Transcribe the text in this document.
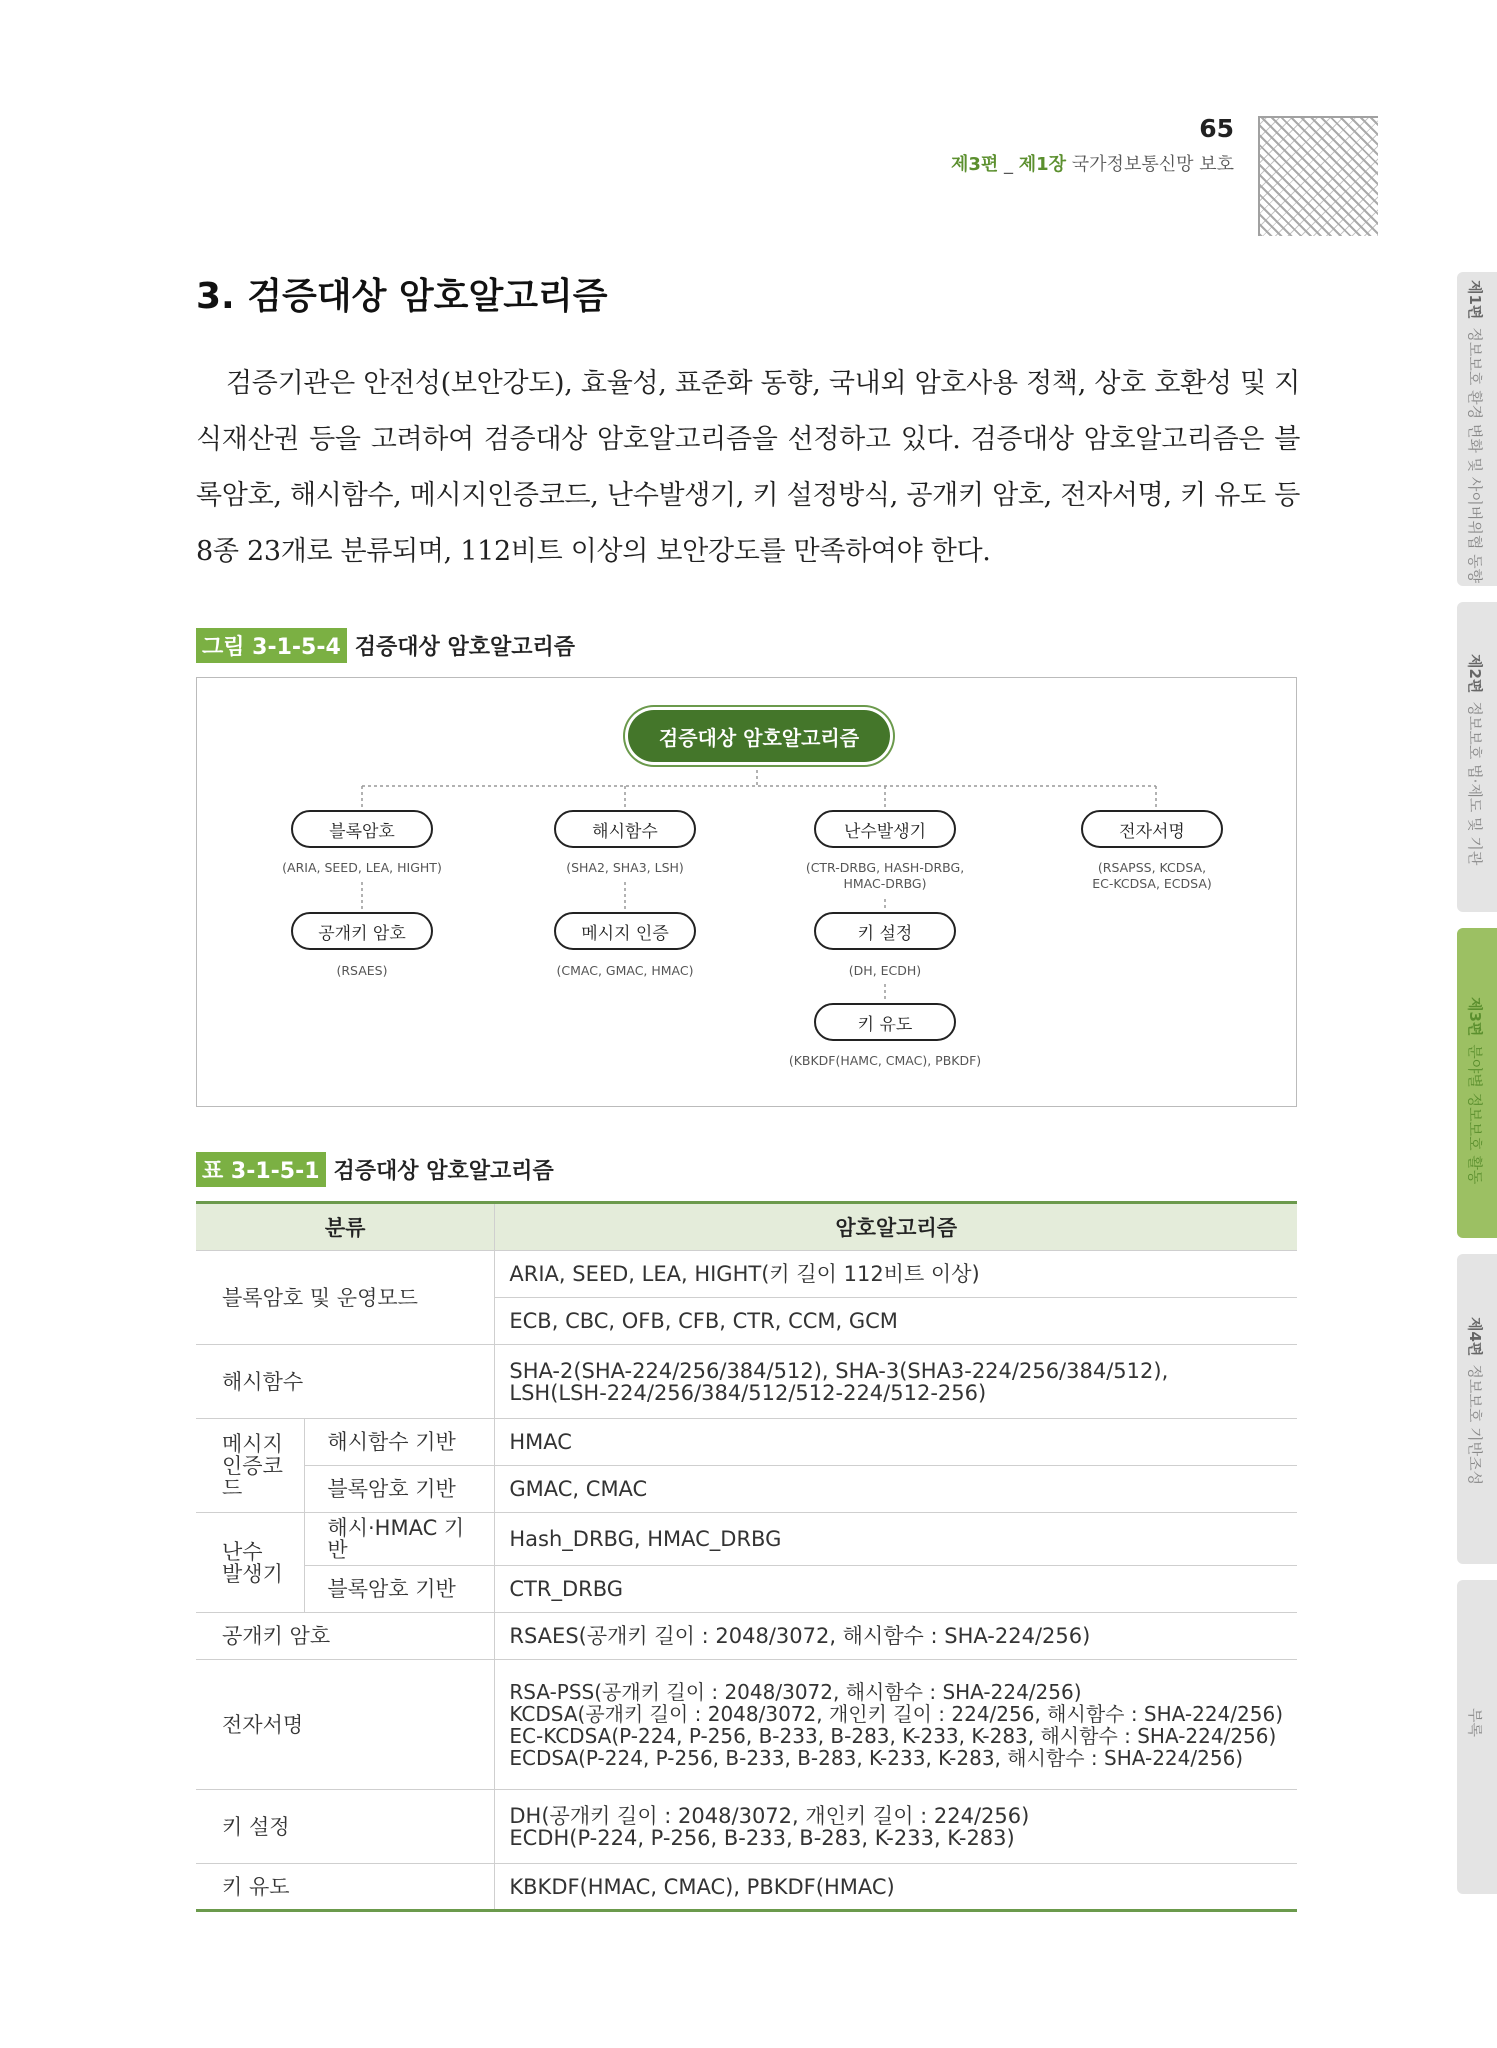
65
제3편 _ 제1장 국가정보통신망 보호
제1편
정보보호 환경 변화 및 사이버위협 동향
제2편
정보보호 법·제도 및 기관
제3편
분야별 정보보호 활동
제4편
정보보호 기반조성
부록
3. 검증대상 암호알고리즘

검증기관은 안전성(보안강도), 효율성, 표준화 동향, 국내외 암호사용 정책, 상호 호환성 및 지식재산권 등을 고려하여 검증대상 암호알고리즘을 선정하고 있다. 검증대상 암호알고리즘은 블록암호, 해시함수, 메시지인증코드, 난수발생기, 키 설정방식, 공개키 암호, 전자서명, 키 유도 등 8종 23개로 분류되며, 112비트 이상의 보안강도를 만족하여야 한다.

그림 3-1-5-4 검증대상 암호알고리즘
검증대상 암호알고리즘
블록암호
(ARIA, SEED, LEA, HIGHT)
해시함수
(SHA2, SHA3, LSH)
난수발생기
(CTR-DRBG, HASH-DRBG,
HMAC-DRBG)
전자서명
(RSAPSS, KCDSA,
EC-KCDSA, ECDSA)
공개키 암호
(RSAES)
메시지 인증
(CMAC, GMAC, HMAC)
키 설정
(DH, ECDH)
키 유도
(KBKDF(HAMC, CMAC), PBKDF)
표 3-1-5-1 검증대상 암호알고리즘
분류		암호알고리즘
블록암호 및 운영모드		ARIA, SEED, LEA, HIGHT(키 길이 112비트 이상)
		ECB, CBC, OFB, CFB, CTR, CCM, GCM
해시함수		SHA-2(SHA-224/256/384/512), SHA-3(SHA3-224/256/384/512),
LSH(LSH-224/256/384/512/512-224/512-256)

메시지
인증코드	해시함수 기반	HMAC
	블록암호 기반	GMAC, CMAC

난수
발생기	해시·HMAC 기반	Hash_DRBG, HMAC_DRBG
	블록암호 기반	CTR_DRBG
공개키 암호		RSAES(공개키 길이 : 2048/3072, 해시함수 : SHA-224/256)
전자서명		RSA-PSS(공개키 길이 : 2048/3072, 해시함수 : SHA-224/256)
KCDSA(공개키 길이 : 2048/3072, 개인키 길이 : 224/256, 해시함수 : SHA-224/256)
EC-KCDSA(P-224, P-256, B-233, B-283, K-233, K-283, 해시함수 : SHA-224/256)
ECDSA(P-224, P-256, B-233, B-283, K-233, K-283, 해시함수 : SHA-224/256)

키 설정		DH(공개키 길이 : 2048/3072, 개인키 길이 : 224/256)
ECDH(P-224, P-256, B-233, B-283, K-233, K-283)

키 유도		KBKDF(HMAC, CMAC), PBKDF(HMAC)
